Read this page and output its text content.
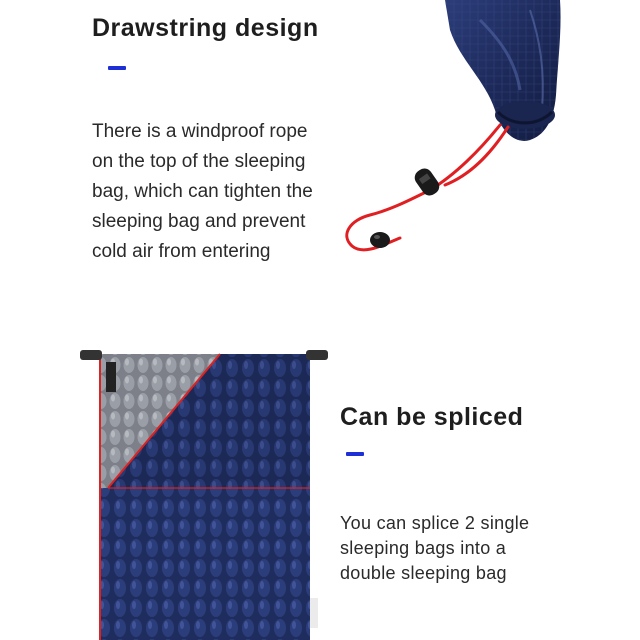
Drawstring design
There is a windproof rope
on the top of the sleeping
bag, which can tighten the
sleeping bag and prevent
cold air from entering
Can be spliced
You can splice 2 single
sleeping bags into a
double sleeping bag
